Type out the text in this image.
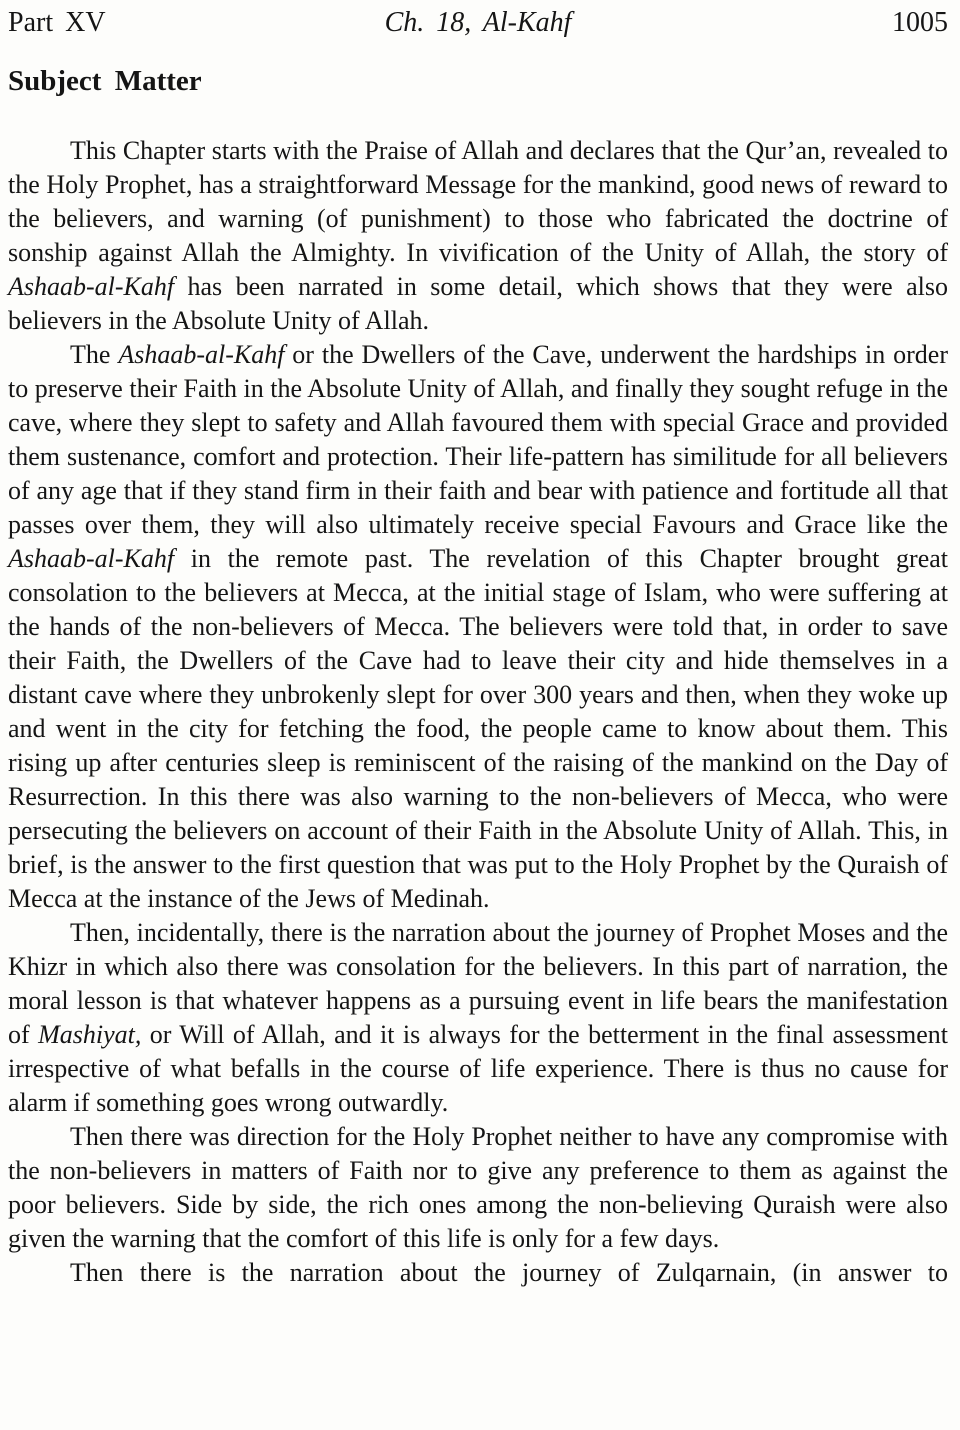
Part XV	Ch. 18, Al-Kahf	1005
Subject Matter

This Chapter starts with the Praise of Allah and declares that the Qur’an, revealed to the Holy Prophet, has a straightforward Message for the mankind, good news of reward to the believers, and warning (of punishment) to those who fabricated the doctrine of sonship against Allah the Almighty. In vivification of the Unity of Allah, the story of Ashaab-al-Kahf has been narrated in some detail, which shows that they were also believers in the Absolute Unity of Allah.

The Ashaab-al-Kahf or the Dwellers of the Cave, underwent the hardships in order to preserve their Faith in the Absolute Unity of Allah, and finally they sought refuge in the cave, where they slept to safety and Allah favoured them with special Grace and provided them sustenance, comfort and protection. Their life-pattern has similitude for all believers of any age that if they stand firm in their faith and bear with patience and fortitude all that passes over them, they will also ultimately receive special Favours and Grace like the Ashaab-al-Kahf in the remote past. The revelation of this Chapter brought great consolation to the believers at Mecca, at the initial stage of Islam, who were suffering at the hands of the non-believers of Mecca. The believers were told that, in order to save their Faith, the Dwellers of the Cave had to leave their city and hide themselves in a distant cave where they unbrokenly slept for over 300 years and then, when they woke up and went in the city for fetching the food, the people came to know about them. This rising up after centuries sleep is reminiscent of the raising of the mankind on the Day of Resurrection. In this there was also warning to the non-believers of Mecca, who were persecuting the believers on account of their Faith in the Absolute Unity of Allah. This, in brief, is the answer to the first question that was put to the Holy Prophet by the Quraish of Mecca at the instance of the Jews of Medinah.

Then, incidentally, there is the narration about the journey of Prophet Moses and the Khizr in which also there was consolation for the believers. In this part of narration, the moral lesson is that whatever happens as a pursuing event in life bears the manifestation of Mashiyat, or Will of Allah, and it is always for the betterment in the final assessment irrespective of what befalls in the course of life experience. There is thus no cause for alarm if something goes wrong outwardly.

Then there was direction for the Holy Prophet neither to have any compromise with the non-believers in matters of Faith nor to give any preference to them as against the poor believers. Side by side, the rich ones among the non-believing Quraish were also given the warning that the comfort of this life is only for a few days.

Then there is the narration about the journey of Zulqarnain, (in answer to
